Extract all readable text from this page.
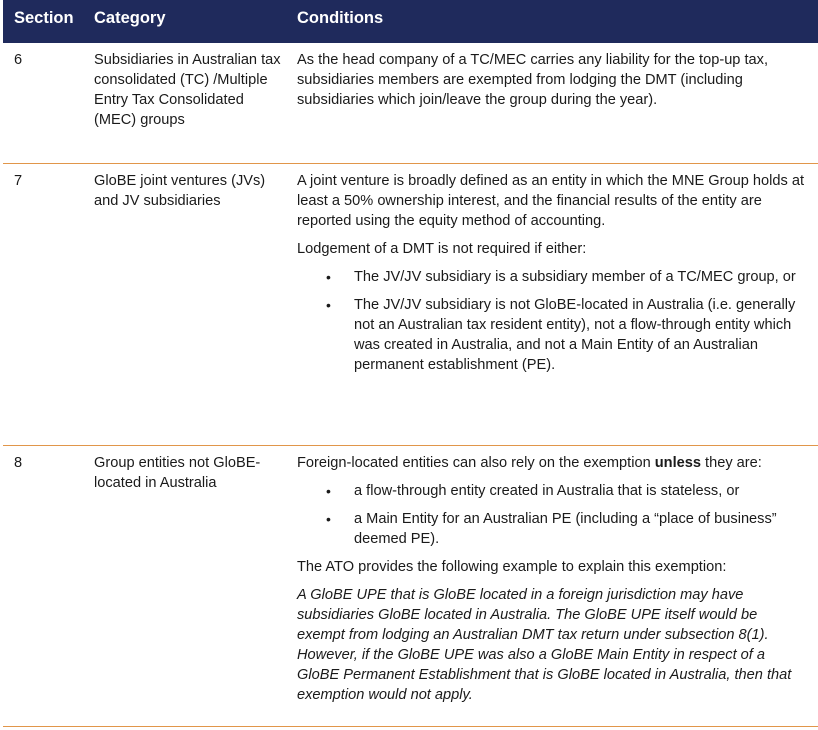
Section Category	Conditions
6	Subsidiaries in Australian tax consolidated (TC) /Multiple Entry Tax Consolidated (MEC) groups

As the head company of a TC/MEC carries any liability for the top-up tax, subsidiaries members are exempted from lodging the DMT (including subsidiaries which join/leave the group during the year).

7	GloBE joint ventures (JVs) and JV subsidiaries

A joint venture is broadly defined as an entity in which the MNE Group holds at least a 50% ownership interest, and the financial results of the entity are reported using the equity method of accounting.

Lodgement of a DMT is not required if either:

• The JV/JV subsidiary is a subsidiary member of a TC/MEC group, or
• The JV/JV subsidiary is not GloBE-located in Australia (i.e. generally not an Australian tax resident entity), not a flow-through entity which was created in Australia, and not a Main Entity of an Australian permanent establishment (PE).
8	Group entities not GloBE-located in Australia

Foreign-located entities can also rely on the exemption unless they are:

• a flow-through entity created in Australia that is stateless, or
• a Main Entity for an Australian PE (including a “place of business” deemed PE).

The ATO provides the following example to explain this exemption:

A GloBE UPE that is GloBE located in a foreign jurisdiction may have subsidiaries GloBE located in Australia. The GloBE UPE itself would be exempt from lodging an Australian DMT tax return under subsection 8(1). However, if the GloBE UPE was also a GloBE Main Entity in respect of a GloBE Permanent Establishment that is GloBE located in Australia, then that exemption would not apply.
